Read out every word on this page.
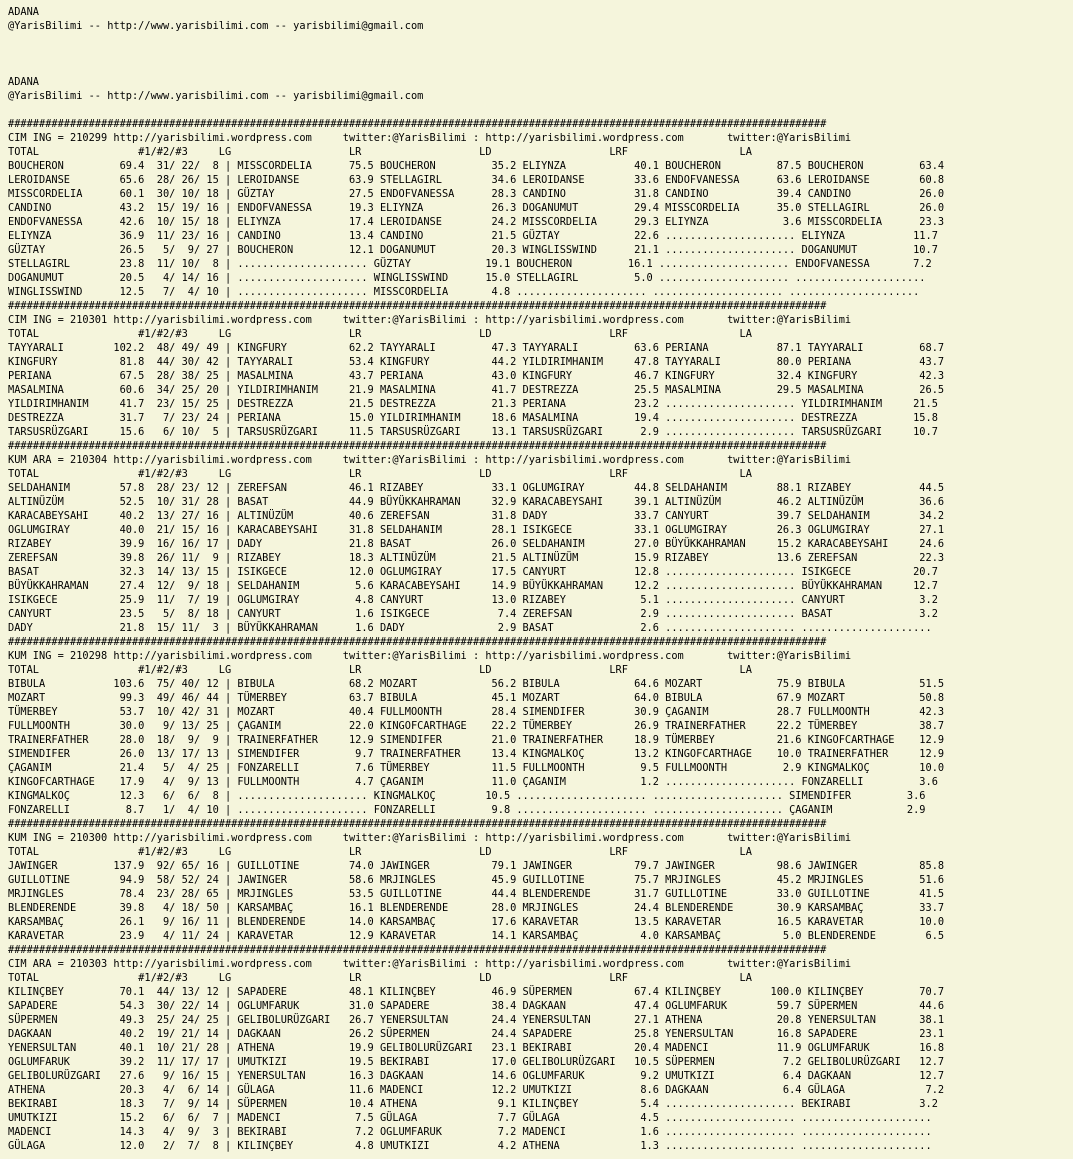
ADANA
@YarisBilimi -- http://www.yarisbilimi.com -- yarisbilimi@gmail.com
ADANA
@YarisBilimi -- http://www.yarisbilimi.com -- yarisbilimi@gmail.com
####################################################################################################################################
CIM ING = 210299 http://yarisbilimi.wordpress.com     twitter:@YarisBilimi : http://yarisbilimi.wordpress.com       twitter:@YarisBilimi
TOTAL                #1/#2/#3     LG                   LR                   LD                   LRF                  LA
BOUCHERON         69.4  31/ 22/  8 | MISSCORDELIA      75.5 BOUCHERON         35.2 ELIYNZA           40.1 BOUCHERON         87.5 BOUCHERON         63.4
LEROIDANSE        65.6  28/ 26/ 15 | LEROIDANSE        63.9 STELLAGIRL        34.6 LEROIDANSE        33.6 ENDOFVANESSA      63.6 LEROIDANSE        60.8
MISSCORDELIA      60.1  30/ 10/ 18 | GÜZTAY            27.5 ENDOFVANESSA      28.3 CANDINO           31.8 CANDINO           39.4 CANDINO           26.0
CANDINO           43.2  15/ 19/ 16 | ENDOFVANESSA      19.3 ELIYNZA           26.3 DOGANUMUT         29.4 MISSCORDELIA      35.0 STELLAGIRL        26.0
ENDOFVANESSA      42.6  10/ 15/ 18 | ELIYNZA           17.4 LEROIDANSE        24.2 MISSCORDELIA      29.3 ELIYNZA            3.6 MISSCORDELIA      23.3
ELIYNZA           36.9  11/ 23/ 16 | CANDINO           13.4 CANDINO           21.5 GÜZTAY            22.6 ..................... ELIYNZA           11.7
GÜZTAY            26.5   5/  9/ 27 | BOUCHERON         12.1 DOGANUMUT         20.3 WINGLISSWIND      21.1 ..................... DOGANUMUT         10.7
STELLAGIRL        23.8  11/ 10/  8 | ..................... GÜZTAY            19.1 BOUCHERON         16.1 ..................... ENDOFVANESSA       7.2
DOGANUMUT         20.5   4/ 14/ 16 | ..................... WINGLISSWIND      15.0 STELLAGIRL         5.0 ..................... .....................
WINGLISSWIND      12.5   7/  4/ 10 | ..................... MISSCORDELIA       4.8 ..................... ..................... .....................
####################################################################################################################################
CIM ING = 210301 http://yarisbilimi.wordpress.com     twitter:@YarisBilimi : http://yarisbilimi.wordpress.com       twitter:@YarisBilimi
TOTAL                #1/#2/#3     LG                   LR                   LD                   LRF                  LA
TAYYARALI        102.2  48/ 49/ 49 | KINGFURY          62.2 TAYYARALI         47.3 TAYYARALI         63.6 PERIANA           87.1 TAYYARALI         68.7
KINGFURY          81.8  44/ 30/ 42 | TAYYARALI         53.4 KINGFURY          44.2 YILDIRIMHANIM     47.8 TAYYARALI         80.0 PERIANA           43.7
PERIANA           67.5  28/ 38/ 25 | MASALMINA         43.7 PERIANA           43.0 KINGFURY          46.7 KINGFURY          32.4 KINGFURY          42.3
MASALMINA         60.6  34/ 25/ 20 | YILDIRIMHANIM     21.9 MASALMINA         41.7 DESTREZZA         25.5 MASALMINA         29.5 MASALMINA         26.5
YILDIRIMHANIM     41.7  23/ 15/ 25 | DESTREZZA         21.5 DESTREZZA         21.3 PERIANA           23.2 ..................... YILDIRIMHANIM     21.5
DESTREZZA         31.7   7/ 23/ 24 | PERIANA           15.0 YILDIRIMHANIM     18.6 MASALMINA         19.4 ..................... DESTREZZA         15.8
TARSUSRÜZGARI     15.6   6/ 10/  5 | TARSUSRÜZGARI     11.5 TARSUSRÜZGARI     13.1 TARSUSRÜZGARI      2.9 ..................... TARSUSRÜZGARI     10.7
####################################################################################################################################
KUM ARA = 210304 http://yarisbilimi.wordpress.com     twitter:@YarisBilimi : http://yarisbilimi.wordpress.com       twitter:@YarisBilimi
TOTAL                #1/#2/#3     LG                   LR                   LD                   LRF                  LA
SELDAHANIM        57.8  28/ 23/ 12 | ZEREFSAN          46.1 RIZABEY           33.1 OGLUMGIRAY        44.8 SELDAHANIM        88.1 RIZABEY           44.5
ALTINÜZÜM         52.5  10/ 31/ 28 | BASAT             44.9 BÜYÜKKAHRAMAN     32.9 KARACABEYSAHI     39.1 ALTINÜZÜM         46.2 ALTINÜZÜM         36.6
KARACABEYSAHI     40.2  13/ 27/ 16 | ALTINÜZÜM         40.6 ZEREFSAN          31.8 DADY              33.7 CANYURT           39.7 SELDAHANIM        34.2
OGLUMGIRAY        40.0  21/ 15/ 16 | KARACABEYSAHI     31.8 SELDAHANIM        28.1 ISIKGECE          33.1 OGLUMGIRAY        26.3 OGLUMGIRAY        27.1
RIZABEY           39.9  16/ 16/ 17 | DADY              21.8 BASAT             26.0 SELDAHANIM        27.0 BÜYÜKKAHRAMAN     15.2 KARACABEYSAHI     24.6
ZEREFSAN          39.8  26/ 11/  9 | RIZABEY           18.3 ALTINÜZÜM         21.5 ALTINÜZÜM         15.9 RIZABEY           13.6 ZEREFSAN          22.3
BASAT             32.3  14/ 13/ 15 | ISIKGECE          12.0 OGLUMGIRAY        17.5 CANYURT           12.8 ..................... ISIKGECE          20.7
BÜYÜKKAHRAMAN     27.4  12/  9/ 18 | SELDAHANIM         5.6 KARACABEYSAHI     14.9 BÜYÜKKAHRAMAN     12.2 ..................... BÜYÜKKAHRAMAN     12.7
ISIKGECE          25.9  11/  7/ 19 | OGLUMGIRAY         4.8 CANYURT           13.0 RIZABEY            5.1 ..................... CANYURT            3.2
CANYURT           23.5   5/  8/ 18 | CANYURT            1.6 ISIKGECE           7.4 ZEREFSAN           2.9 ..................... BASAT              3.2
DADY              21.8  15/ 11/  3 | BÜYÜKKAHRAMAN      1.6 DADY               2.9 BASAT              2.6 ..................... .....................
####################################################################################################################################
KUM ING = 210298 http://yarisbilimi.wordpress.com     twitter:@YarisBilimi : http://yarisbilimi.wordpress.com       twitter:@YarisBilimi
TOTAL                #1/#2/#3     LG                   LR                   LD                   LRF                  LA
BIBULA           103.6  75/ 40/ 12 | BIBULA            68.2 MOZART            56.2 BIBULA            64.6 MOZART            75.9 BIBULA            51.5
MOZART            99.3  49/ 46/ 44 | TÜMERBEY          63.7 BIBULA            45.1 MOZART            64.0 BIBULA            67.9 MOZART            50.8
TÜMERBEY          53.7  10/ 42/ 31 | MOZART            40.4 FULLMOONTH        28.4 SIMENDIFER        30.9 ÇAGANIM           28.7 FULLMOONTH        42.3
FULLMOONTH        30.0   9/ 13/ 25 | ÇAGANIM           22.0 KINGOFCARTHAGE    22.2 TÜMERBEY          26.9 TRAINERFATHER     22.2 TÜMERBEY          38.7
TRAINERFATHER     28.0  18/  9/  9 | TRAINERFATHER     12.9 SIMENDIFER        21.0 TRAINERFATHER     18.9 TÜMERBEY          21.6 KINGOFCARTHAGE    12.9
SIMENDIFER        26.0  13/ 17/ 13 | SIMENDIFER         9.7 TRAINERFATHER     13.4 KINGMALKOÇ        13.2 KINGOFCARTHAGE    10.0 TRAINERFATHER     12.9
ÇAGANIM           21.4   5/  4/ 25 | FONZARELLI         7.6 TÜMERBEY          11.5 FULLMOONTH         9.5 FULLMOONTH         2.9 KINGMALKOÇ        10.0
KINGOFCARTHAGE    17.9   4/  9/ 13 | FULLMOONTH         4.7 ÇAGANIM           11.0 ÇAGANIM            1.2 ..................... FONZARELLI         3.6
KINGMALKOÇ        12.3   6/  6/  8 | ..................... KINGMALKOÇ        10.5 ..................... ..................... SIMENDIFER         3.6
FONZARELLI         8.7   1/  4/ 10 | ..................... FONZARELLI         9.8 ..................... ..................... ÇAGANIM            2.9
####################################################################################################################################
KUM ING = 210300 http://yarisbilimi.wordpress.com     twitter:@YarisBilimi : http://yarisbilimi.wordpress.com       twitter:@YarisBilimi
TOTAL                #1/#2/#3     LG                   LR                   LD                   LRF                  LA
JAWINGER         137.9  92/ 65/ 16 | GUILLOTINE        74.0 JAWINGER          79.1 JAWINGER          79.7 JAWINGER          98.6 JAWINGER          85.8
GUILLOTINE        94.9  58/ 52/ 24 | JAWINGER          58.6 MRJINGLES         45.9 GUILLOTINE        75.7 MRJINGLES         45.2 MRJINGLES         51.6
MRJINGLES         78.4  23/ 28/ 65 | MRJINGLES         53.5 GUILLOTINE        44.4 BLENDERENDE       31.7 GUILLOTINE        33.0 GUILLOTINE        41.5
BLENDERENDE       39.8   4/ 18/ 50 | KARSAMBAÇ         16.1 BLENDERENDE       28.0 MRJINGLES         24.4 BLENDERENDE       30.9 KARSAMBAÇ         33.7
KARSAMBAÇ         26.1   9/ 16/ 11 | BLENDERENDE       14.0 KARSAMBAÇ         17.6 KARAVETAR         13.5 KARAVETAR         16.5 KARAVETAR         10.0
KARAVETAR         23.9   4/ 11/ 24 | KARAVETAR         12.9 KARAVETAR         14.1 KARSAMBAÇ          4.0 KARSAMBAÇ          5.0 BLENDERENDE        6.5
####################################################################################################################################
CIM ARA = 210303 http://yarisbilimi.wordpress.com     twitter:@YarisBilimi : http://yarisbilimi.wordpress.com       twitter:@YarisBilimi
TOTAL                #1/#2/#3     LG                   LR                   LD                   LRF                  LA
KILINÇBEY         70.1  44/ 13/ 12 | SAPADERE          48.1 KILINÇBEY         46.9 SÜPERMEN          67.4 KILINÇBEY        100.0 KILINÇBEY         70.7
SAPADERE          54.3  30/ 22/ 14 | OGLUMFARUK        31.0 SAPADERE          38.4 DAGKAAN           47.4 OGLUMFARUK        59.7 SÜPERMEN          44.6
SÜPERMEN          49.3  25/ 24/ 25 | GELIBOLURÜZGARI   26.7 YENERSULTAN       24.4 YENERSULTAN       27.1 ATHENA            20.8 YENERSULTAN       38.1
DAGKAAN           40.2  19/ 21/ 14 | DAGKAAN           26.2 SÜPERMEN          24.4 SAPADERE          25.8 YENERSULTAN       16.8 SAPADERE          23.1
YENERSULTAN       40.1  10/ 21/ 28 | ATHENA            19.9 GELIBOLURÜZGARI   23.1 BEKIRABI          20.4 MADENCI           11.9 OGLUMFARUK        16.8
OGLUMFARUK        39.2  11/ 17/ 17 | UMUTKIZI          19.5 BEKIRABI          17.0 GELIBOLURÜZGARI   10.5 SÜPERMEN           7.2 GELIBOLURÜZGARI   12.7
GELIBOLURÜZGARI   27.6   9/ 16/ 15 | YENERSULTAN       16.3 DAGKAAN           14.6 OGLUMFARUK         9.2 UMUTKIZI           6.4 DAGKAAN           12.7
ATHENA            20.3   4/  6/ 14 | GÜLAGA            11.6 MADENCI           12.2 UMUTKIZI           8.6 DAGKAAN            6.4 GÜLAGA             7.2
BEKIRABI          18.3   7/  9/ 14 | SÜPERMEN          10.4 ATHENA             9.1 KILINÇBEY          5.4 ..................... BEKIRABI           3.2
UMUTKIZI          15.2   6/  6/  7 | MADENCI            7.5 GÜLAGA             7.7 GÜLAGA             4.5 ..................... .....................
MADENCI           14.3   4/  9/  3 | BEKIRABI           7.2 OGLUMFARUK         7.2 MADENCI            1.6 ..................... .....................
GÜLAGA            12.0   2/  7/  8 | KILINÇBEY          4.8 UMUTKIZI           4.2 ATHENA             1.3 ..................... .....................
